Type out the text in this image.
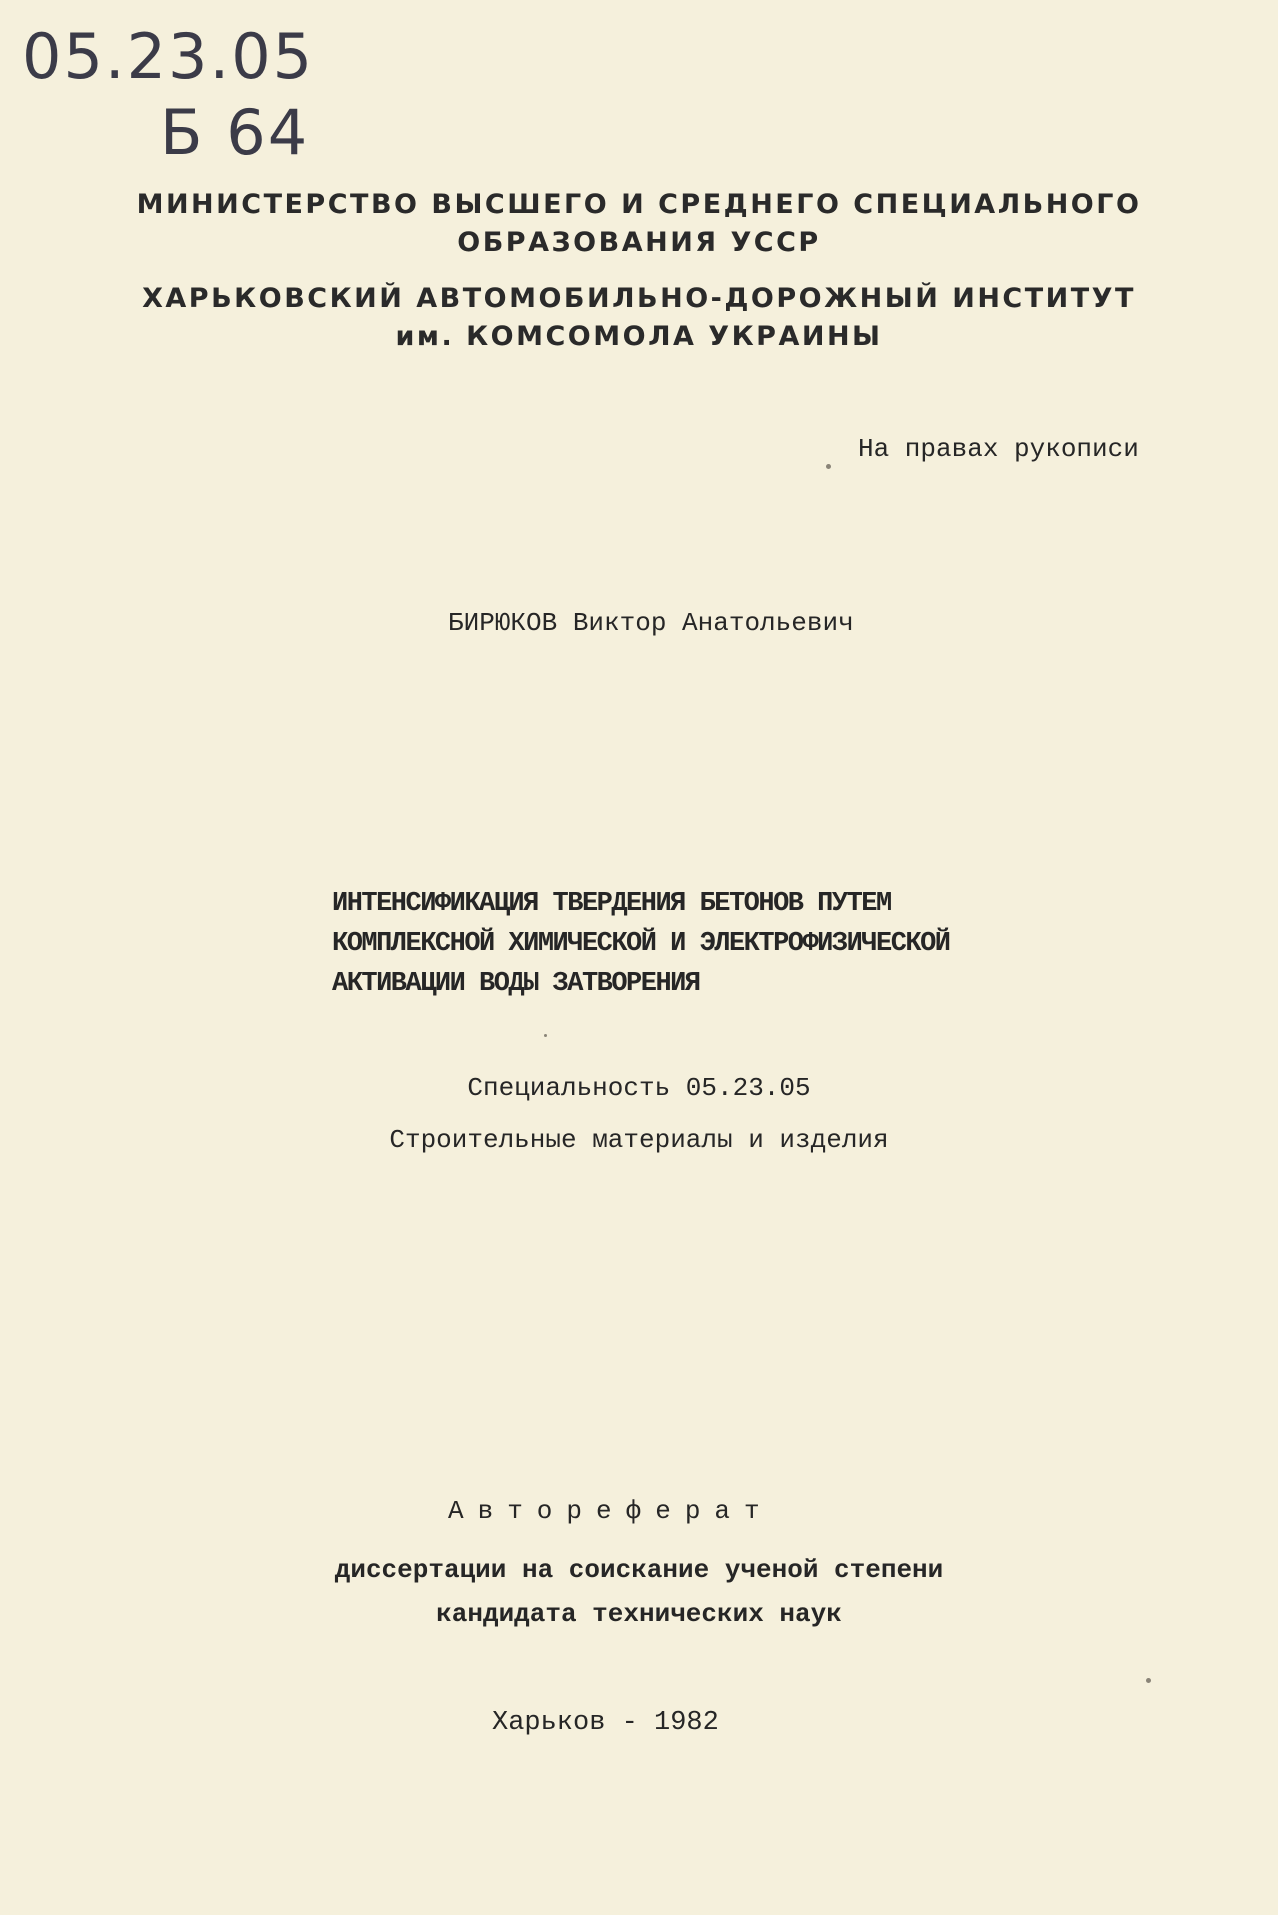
05.23.05
Б 64
МИНИСТЕРСТВО ВЫСШЕГО И СРЕДНЕГО СПЕЦИАЛЬНОГО
ОБРАЗОВАНИЯ УССР
ХАРЬКОВСКИЙ АВТОМОБИЛЬНО-ДОРОЖНЫЙ ИНСТИТУТ
им. КОМСОМОЛА УКРАИНЫ
На правах рукописи
БИРЮКОВ Виктор Анатольевич
ИНТЕНСИФИКАЦИЯ ТВЕРДЕНИЯ БЕТОНОВ ПУТЕМ
КОМПЛЕКСНОЙ ХИМИЧЕСКОЙ И ЭЛЕКТРОФИЗИЧЕСКОЙ
АКТИВАЦИИ ВОДЫ ЗАТВОРЕНИЯ
Специальность 05.23.05
Строительные материалы и изделия
Автореферат
диссертации на соискание ученой степени
кандидата технических наук
Харьков - 1982
